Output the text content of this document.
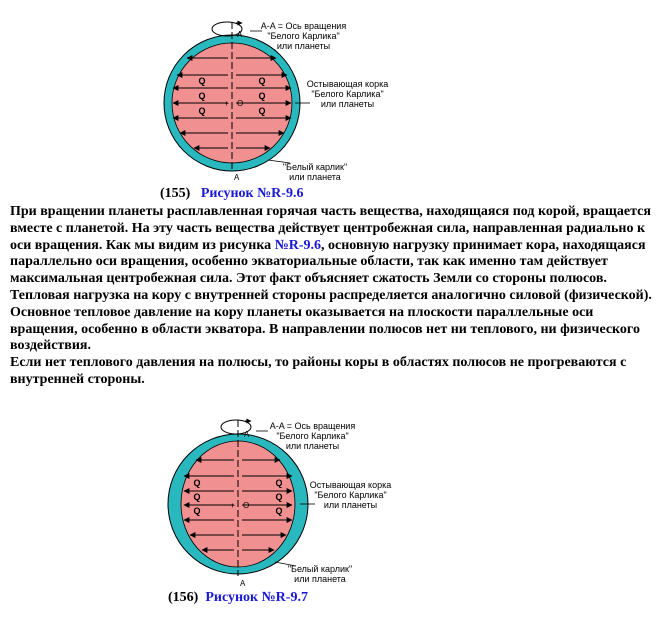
Q	Q
Q	Q
Q	Q
+ O
A
A
A-A = Ось вращения
"Белого Карлика"
или планеты
Остывающая корка
"Белого Карлика"
или планеты
"Белый карлик"
или планета
(155) Рисунок №R-9.6

При вращении планеты расплавленная горячая часть вещества, находящаяся под корой, вращается вместе с планетой. На эту часть вещества действует центробежная сила, направленная радиально к оси вращения. Как мы видим из рисунка №R-9.6, основную нагрузку принимает кора, находящаяся параллельно оси вращения, особенно экваториальные области, так как именно там действует максимальная центробежная сила. Этот факт объясняет сжатость Земли со стороны полюсов.

Тепловая нагрузка на кору с внутренней стороны распределяется аналогично силовой (физической). Основное тепловое давление на кору планеты оказывается на плоскости параллельные оси вращения, особенно в области экватора. В направлении полюсов нет ни теплового, ни физического воздействия.

Если нет теплового давления на полюсы, то районы коры в областях полюсов не прогреваются с внутренней стороны.

Q	Q
Q	Q
Q	Q
+ O
A
A
A-A = Ось вращения
"Белого Карлика"
или планеты
Остывающая корка
"Белого Карлика"
или планеты
"Белый карлик"
или планета
(156) Рисунок №R-9.7
